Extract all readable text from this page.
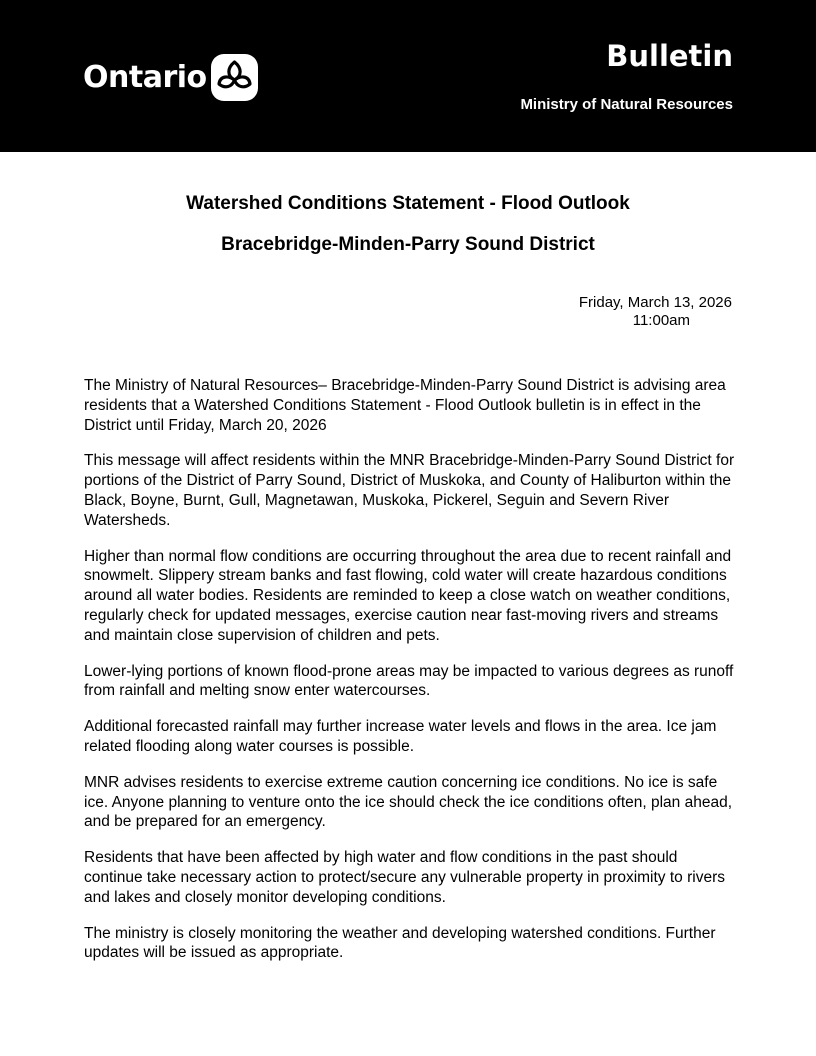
Ontario
Bulletin
Ministry of Natural Resources
Watershed Conditions Statement - Flood Outlook
Bracebridge-Minden-Parry Sound District
Friday, March 13, 2026
11:00am

The Ministry of Natural Resources– Bracebridge-Minden-Parry Sound District is advising area residents that a Watershed Conditions Statement - Flood Outlook bulletin is in effect in the District until Friday, March 20, 2026

This message will affect residents within the MNR Bracebridge-Minden-Parry Sound District for portions of the District of Parry Sound, District of Muskoka, and County of Haliburton within the Black, Boyne, Burnt, Gull, Magnetawan, Muskoka, Pickerel, Seguin and Severn River Watersheds.

Higher than normal flow conditions are occurring throughout the area due to recent rainfall and snowmelt. Slippery stream banks and fast flowing, cold water will create hazardous conditions around all water bodies. Residents are reminded to keep a close watch on weather conditions, regularly check for updated messages, exercise caution near fast-moving rivers and streams and maintain close supervision of children and pets.

Lower-lying portions of known flood-prone areas may be impacted to various degrees as runoff from rainfall and melting snow enter watercourses.

Additional forecasted rainfall may further increase water levels and flows in the area. Ice jam related flooding along water courses is possible.

MNR advises residents to exercise extreme caution concerning ice conditions. No ice is safe ice. Anyone planning to venture onto the ice should check the ice conditions often, plan ahead, and be prepared for an emergency.

Residents that have been affected by high water and flow conditions in the past should continue take necessary action to protect/secure any vulnerable property in proximity to rivers and lakes and closely monitor developing conditions.

The ministry is closely monitoring the weather and developing watershed conditions. Further updates will be issued as appropriate.
